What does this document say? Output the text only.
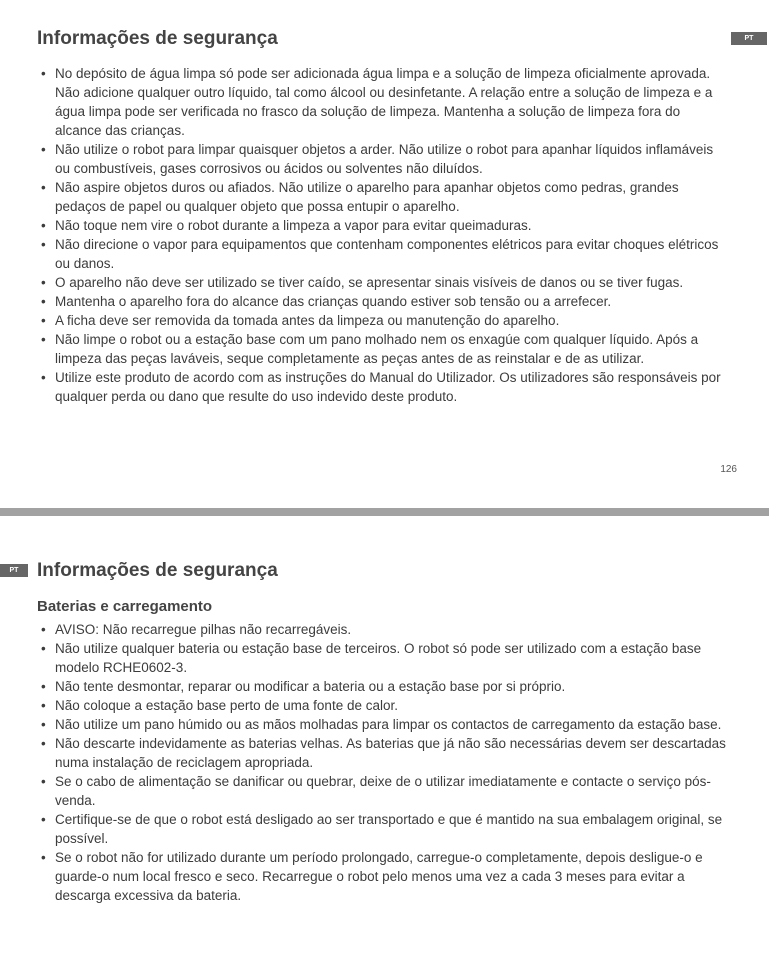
Informações de segurança	PT
• No depósito de água limpa só pode ser adicionada água limpa e a solução de limpeza oficialmente aprovada. Não adicione qualquer outro líquido, tal como álcool ou desinfetante. A relação entre a solução de limpeza e a água limpa pode ser verificada no frasco da solução de limpeza. Mantenha a solução de limpeza fora do alcance das crianças.
• Não utilize o robot para limpar quaisquer objetos a arder. Não utilize o robot para apanhar líquidos inflamáveis ou combustíveis, gases corrosivos ou ácidos ou solventes não diluídos.
• Não aspire objetos duros ou afiados. Não utilize o aparelho para apanhar objetos como pedras, grandes pedaços de papel ou qualquer objeto que possa entupir o aparelho.
• Não toque nem vire o robot durante a limpeza a vapor para evitar queimaduras.
• Não direcione o vapor para equipamentos que contenham componentes elétricos para evitar choques elétricos ou danos.
• O aparelho não deve ser utilizado se tiver caído, se apresentar sinais visíveis de danos ou se tiver fugas.
• Mantenha o aparelho fora do alcance das crianças quando estiver sob tensão ou a arrefecer.
• A ficha deve ser removida da tomada antes da limpeza ou manutenção do aparelho.
• Não limpe o robot ou a estação base com um pano molhado nem os enxagúe com qualquer líquido. Após a limpeza das peças laváveis, seque completamente as peças antes de as reinstalar e de as utilizar.
• Utilize este produto de acordo com as instruções do Manual do Utilizador. Os utilizadores são responsáveis por qualquer perda ou dano que resulte do uso indevido deste produto.
126
PT Informações de segurança
Baterias e carregamento
• AVISO: Não recarregue pilhas não recarregáveis.
• Não utilize qualquer bateria ou estação base de terceiros. O robot só pode ser utilizado com a estação base modelo RCHE0602-3.
• Não tente desmontar, reparar ou modificar a bateria ou a estação base por si próprio.
• Não coloque a estação base perto de uma fonte de calor.
• Não utilize um pano húmido ou as mãos molhadas para limpar os contactos de carregamento da estação base.
• Não descarte indevidamente as baterias velhas. As baterias que já não são necessárias devem ser descartadas numa instalação de reciclagem apropriada.
• Se o cabo de alimentação se danificar ou quebrar, deixe de o utilizar imediatamente e contacte o serviço pós-venda.
• Certifique-se de que o robot está desligado ao ser transportado e que é mantido na sua embalagem original, se possível.
• Se o robot não for utilizado durante um período prolongado, carregue-o completamente, depois desligue-o e guarde-o num local fresco e seco. Recarregue o robot pelo menos uma vez a cada 3 meses para evitar a descarga excessiva da bateria.
